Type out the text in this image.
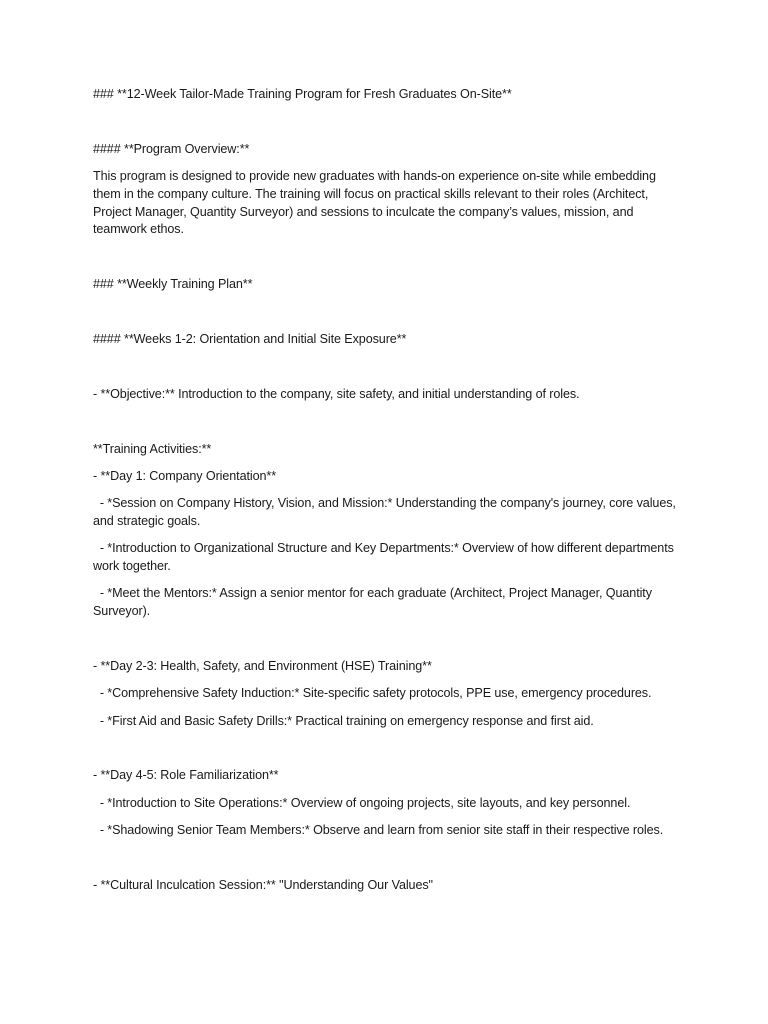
### **12-Week Tailor-Made Training Program for Fresh Graduates On-Site**

#### **Program Overview:**

This program is designed to provide new graduates with hands-on experience on-site while embedding them in the company culture. The training will focus on practical skills relevant to their roles (Architect, Project Manager, Quantity Surveyor) and sessions to inculcate the company’s values, mission, and teamwork ethos.

### **Weekly Training Plan**

#### **Weeks 1-2: Orientation and Initial Site Exposure**

- **Objective:** Introduction to the company, site safety, and initial understanding of roles.

**Training Activities:**

- **Day 1: Company Orientation**

- *Session on Company History, Vision, and Mission:* Understanding the company's journey, core values, and strategic goals.

- *Introduction to Organizational Structure and Key Departments:* Overview of how different departments work together.

- *Meet the Mentors:* Assign a senior mentor for each graduate (Architect, Project Manager, Quantity Surveyor).

- **Day 2-3: Health, Safety, and Environment (HSE) Training**

- *Comprehensive Safety Induction:* Site-specific safety protocols, PPE use, emergency procedures.

- *First Aid and Basic Safety Drills:* Practical training on emergency response and first aid.

- **Day 4-5: Role Familiarization**

- *Introduction to Site Operations:* Overview of ongoing projects, site layouts, and key personnel.

- *Shadowing Senior Team Members:* Observe and learn from senior site staff in their respective roles.

- **Cultural Inculcation Session:** "Understanding Our Values"
